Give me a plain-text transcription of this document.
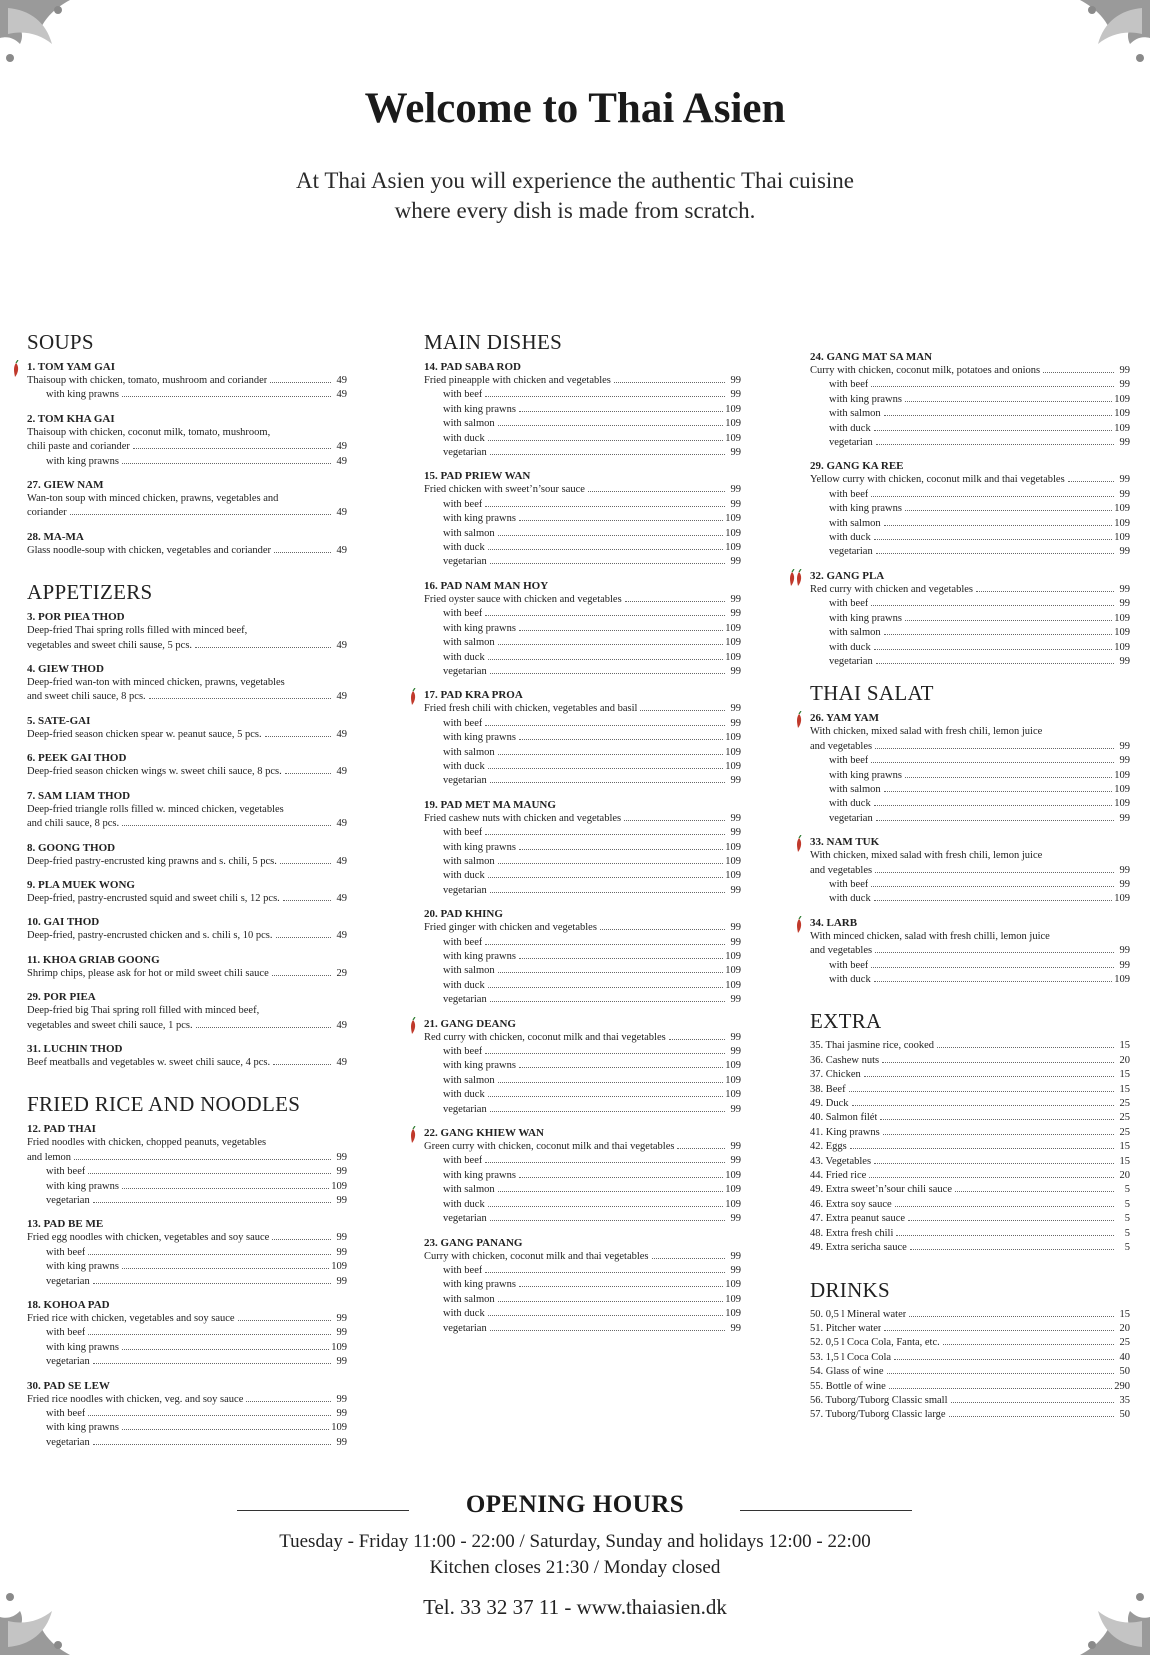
Welcome to Thai Asien
At Thai Asien you will experience the authentic Thai cuisine
where every dish is made from scratch.
SOUPS
1. TOM YAM GAI
Thaisoup with chicken, tomato, mushroom and coriander	49
with king prawns	49
2. TOM KHA GAI
Thaisoup with chicken, coconut milk, tomato, mushroom,
chili paste and coriander	49
with king prawns	49
27. GIEW NAM
Wan-ton soup with minced chicken, prawns, vegetables and
coriander	49
28. MA-MA
Glass noodle-soup with chicken, vegetables and coriander	49
APPETIZERS
3. POR PIEA THOD
Deep-fried Thai spring rolls filled with minced beef,
vegetables and sweet chili sause, 5 pcs.	49
4. GIEW THOD
Deep-fried wan-ton with minced chicken, prawns, vegetables
and sweet chili sauce, 8 pcs.	49
5. SATE-GAI
Deep-fried season chicken spear w. peanut sauce, 5 pcs.	49
6. PEEK GAI THOD
Deep-fried season chicken wings w. sweet chili sauce, 8 pcs.	49
7. SAM LIAM THOD
Deep-fried triangle rolls filled w. minced chicken, vegetables
and chili sauce, 8 pcs.	49
8. GOONG THOD
Deep-fried pastry-encrusted king prawns and s. chili, 5 pcs.	49
9. PLA MUEK WONG
Deep-fried, pastry-encrusted squid and sweet chili s, 12 pcs.	49
10. GAI THOD
Deep-fried, pastry-encrusted chicken and s. chili s, 10 pcs.	49
11. KHOA GRIAB GOONG
Shrimp chips, please ask for hot or mild sweet chili sauce	29
29. POR PIEA
Deep-fried big Thai spring roll filled with minced beef,
vegetables and sweet chili sauce, 1 pcs.	49
31. LUCHIN THOD
Beef meatballs and vegetables w. sweet chili sauce, 4 pcs.	49
FRIED RICE AND NOODLES
12. PAD THAI
Fried noodles with chicken, chopped peanuts, vegetables
and lemon	99
with beef	99
with king prawns	109
vegetarian	99
13. PAD BE ME
Fried egg noodles with chicken, vegetables and soy sauce	99
with beef	99
with king prawns	109
vegetarian	99
18. KOHOA PAD
Fried rice with chicken, vegetables and soy sauce	99
with beef	99
with king prawns	109
vegetarian	99
30. PAD SE LEW
Fried rice noodles with chicken, veg. and soy sauce	99
with beef	99
with king prawns	109
vegetarian	99
MAIN DISHES
14. PAD SABA ROD
Fried pineapple with chicken and vegetables	99
with beef	99
with king prawns	109
with salmon	109
with duck	109
vegetarian	99
15. PAD PRIEW WAN
Fried chicken with sweet’n’sour sauce	99
with beef	99
with king prawns	109
with salmon	109
with duck	109
vegetarian	99
16. PAD NAM MAN HOY
Fried oyster sauce with chicken and vegetables	99
with beef	99
with king prawns	109
with salmon	109
with duck	109
vegetarian	99
17. PAD KRA PROA
Fried fresh chili with chicken, vegetables and basil	99
with beef	99
with king prawns	109
with salmon	109
with duck	109
vegetarian	99
19. PAD MET MA MAUNG
Fried cashew nuts with chicken and vegetables	99
with beef	99
with king prawns	109
with salmon	109
with duck	109
vegetarian	99
20. PAD KHING
Fried ginger with chicken and vegetables	99
with beef	99
with king prawns	109
with salmon	109
with duck	109
vegetarian	99
21. GANG DEANG
Red curry with chicken, coconut milk and thai vegetables	99
with beef	99
with king prawns	109
with salmon	109
with duck	109
vegetarian	99
22. GANG KHIEW WAN
Green curry with chicken, coconut milk and thai vegetables	99
with beef	99
with king prawns	109
with salmon	109
with duck	109
vegetarian	99
23. GANG PANANG
Curry with chicken, coconut milk and thai vegetables	99
with beef	99
with king prawns	109
with salmon	109
with duck	109
vegetarian	99
24. GANG MAT SA MAN
Curry with chicken, coconut milk, potatoes and onions	99
with beef	99
with king prawns	109
with salmon	109
with duck	109
vegetarian	99
29. GANG KA REE
Yellow curry with chicken, coconut milk and thai vegetables	99
with beef	99
with king prawns	109
with salmon	109
with duck	109
vegetarian	99
32. GANG PLA
Red curry with chicken and vegetables	99
with beef	99
with king prawns	109
with salmon	109
with duck	109
vegetarian	99
THAI SALAT
26. YAM YAM
With chicken, mixed salad with fresh chili, lemon juice
and vegetables	99
with beef	99
with king prawns	109
with salmon	109
with duck	109
vegetarian	99
33. NAM TUK
With chicken, mixed salad with fresh chili, lemon juice
and vegetables	99
with beef	99
with duck	109
34. LARB
With minced chicken, salad with fresh chilli, lemon juice
and vegetables	99
with beef	99
with duck	109
EXTRA
35. Thai jasmine rice, cooked	15
36. Cashew nuts	20
37. Chicken	15
38. Beef	15
49. Duck	25
40. Salmon filét	25
41. King prawns	25
42. Eggs	15
43. Vegetables	15
44. Fried rice	20
49. Extra sweet’n’sour chili sauce	5
46. Extra soy sauce	5
47. Extra peanut sauce	5
48. Extra fresh chili	5
49. Extra sericha sauce	5
DRINKS
50. 0,5 l Mineral water	15
51. Pitcher water	20
52. 0,5 l Coca Cola, Fanta, etc.	25
53. 1,5 l Coca Cola	40
54. Glass of wine	50
55. Bottle of wine	290
56. Tuborg/Tuborg Classic small	35
57. Tuborg/Tuborg Classic large	50
OPENING HOURS
Tuesday - Friday 11:00 - 22:00 / Saturday, Sunday and holidays 12:00 - 22:00
Kitchen closes 21:30 / Monday closed
Tel. 33 32 37 11 - www.thaiasien.dk
